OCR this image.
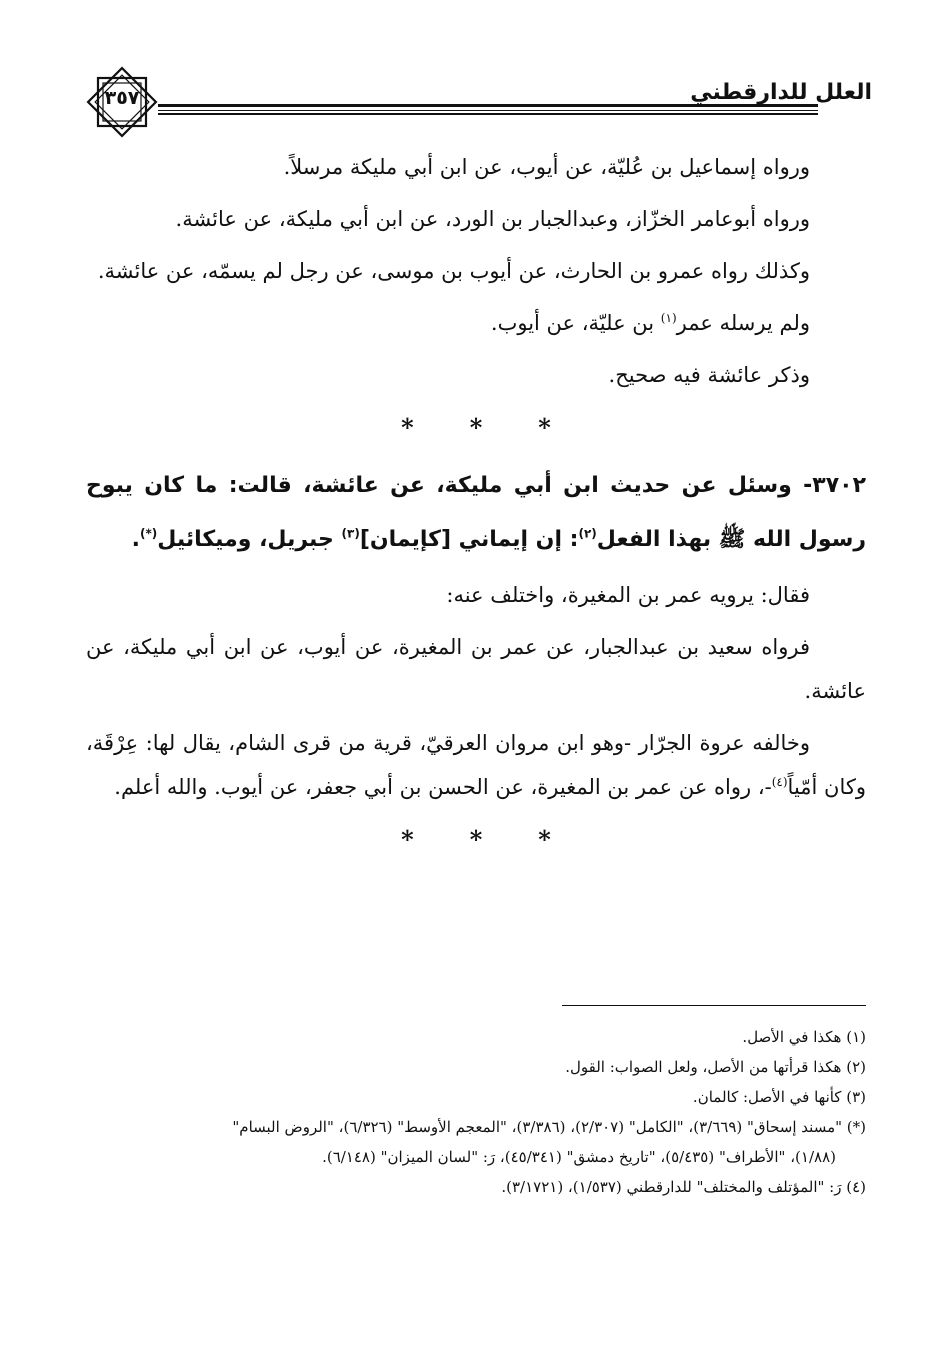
٣٥٧	العلل للدارقطني

ورواه إسماعيل بن عُليّة، عن أيوب، عن ابن أبي مليكة مرسلاً.

ورواه أبوعامر الخزّاز، وعبدالجبار بن الورد، عن ابن أبي مليكة، عن عائشة.

وكذلك رواه عمرو بن الحارث، عن أيوب بن موسى، عن رجل لم يسمّه، عن عائشة.

ولم يرسله عمر$^{(١)}$ بن عليّة، عن أيوب.

وذكر عائشة فيه صحيح.

* * *

٣٧٠٢- وسئل عن حديث ابن أبي مليكة، عن عائشة، قالت: ما كان يبوح رسول الله ﷺ بهذا الفعل$^{(٢)}$: إن إيماني [كإيمان]$^{(٣)}$ جبريل، وميكائيل(*).

فقال: يرويه عمر بن المغيرة، واختلف عنه:

فرواه سعيد بن عبدالجبار، عن عمر بن المغيرة، عن أيوب، عن ابن أبي مليكة، عن عائشة.

وخالفه عروة الجرّار -وهو ابن مروان العرقيّ، قرية من قرى الشام، يقال لها: عِرْقَة، وكان أمّياً$^{(٤)}$-، رواه عن عمر بن المغيرة، عن الحسن بن أبي جعفر، عن أيوب. والله أعلم.

* * *

(١) هكذا في الأصل.

(٢) هكذا قرأتها من الأصل، ولعل الصواب: القول.

(٣) كأنها في الأصل: كالمان.

(*) "مسند إسحاق" (٣/٦٦٩)، "الكامل" (٢/٣٠٧)، (٣/٣٨٦)، "المعجم الأوسط" (٦/٣٢٦)، "الروض البسام"

(١/٨٨)، "الأطراف" (٥/٤٣٥)، "تاريخ دمشق" (٤٥/٣٤١)، رَ: "لسان الميزان" (٦/١٤٨).

(٤) رَ: "المؤتلف والمختلف" للدارقطني (١/٥٣٧)، (٣/١٧٢١).
